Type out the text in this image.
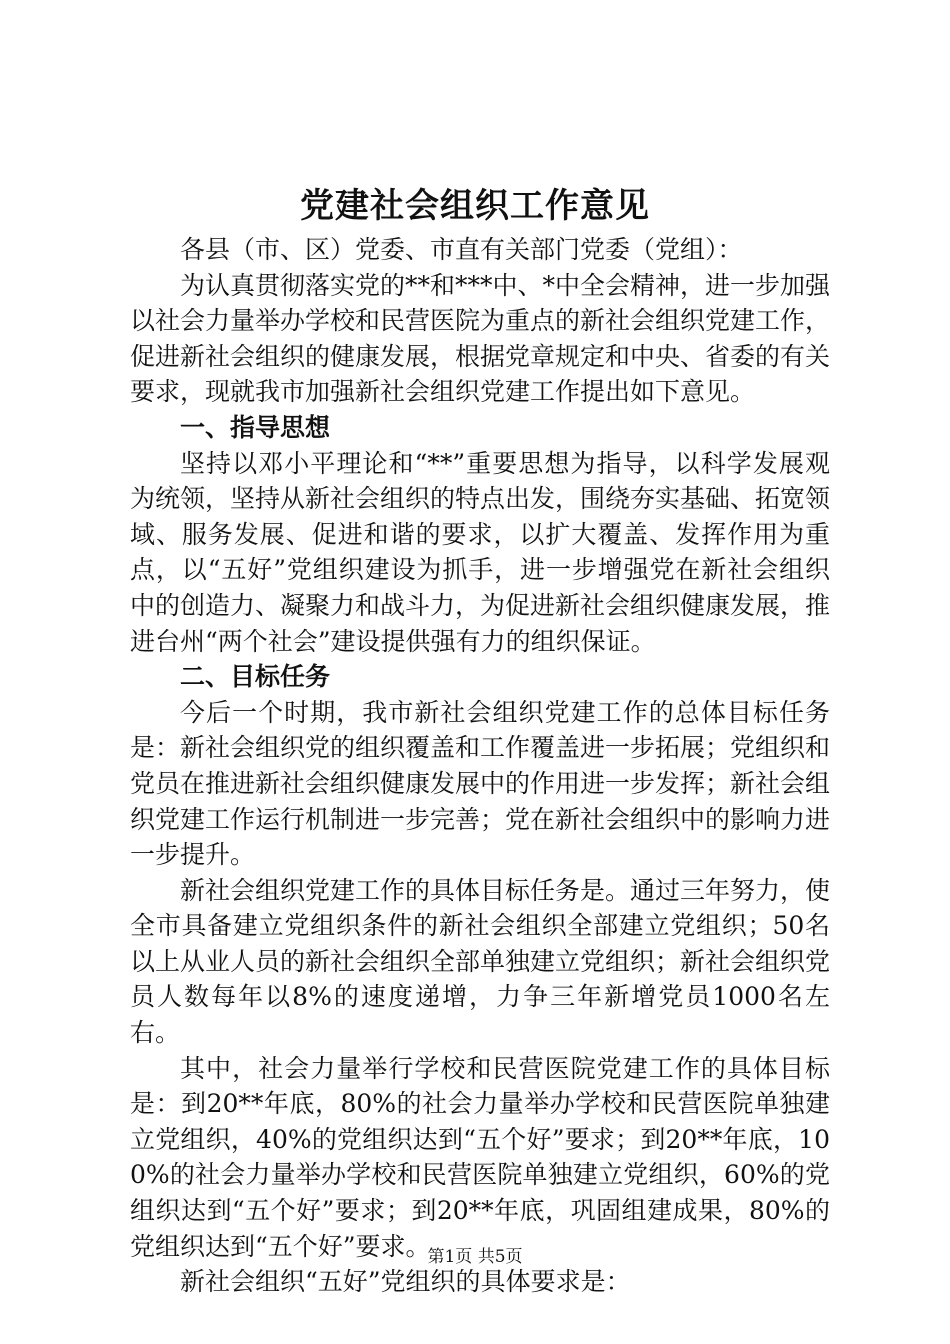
党建社会组织工作意见

各县（市、区）党委、市直有关部门党委（党组）：

为认真贯彻落实党的**和***中、*中全会精神，进一步加强以社会力量举办学校和民营医院为重点的新社会组织党建工作，促进新社会组织的健康发展，根据党章规定和中央、省委的有关要求，现就我市加强新社会组织党建工作提出如下意见。

一、指导思想

坚持以邓小平理论和“**”重要思想为指导，以科学发展观为统领，坚持从新社会组织的特点出发，围绕夯实基础、拓宽领域、服务发展、促进和谐的要求，以扩大覆盖、发挥作用为重点，以“五好”党组织建设为抓手，进一步增强党在新社会组织中的创造力、凝聚力和战斗力，为促进新社会组织健康发展，推进台州“两个社会”建设提供强有力的组织保证。

二、目标任务

今后一个时期，我市新社会组织党建工作的总体目标任务是：新社会组织党的组织覆盖和工作覆盖进一步拓展；党组织和党员在推进新社会组织健康发展中的作用进一步发挥；新社会组织党建工作运行机制进一步完善；党在新社会组织中的影响力进一步提升。

新社会组织党建工作的具体目标任务是。通过三年努力，使全市具备建立党组织条件的新社会组织全部建立党组织；50名以上从业人员的新社会组织全部单独建立党组织；新社会组织党员人数每年以8%的速度递增，力争三年新增党员1000名左右。

其中，社会力量举行学校和民营医院党建工作的具体目标是：到20**年底，80%的社会力量举办学校和民营医院单独建立党组织，40%的党组织达到“五个好”要求；到20**年底，100%的社会力量举办学校和民营医院单独建立党组织，60%的党组织达到“五个好”要求；到20**年底，巩固组建成果，80%的党组织达到“五个好”要求。

新社会组织“五好”党组织的具体要求是：

第1页 共5页
